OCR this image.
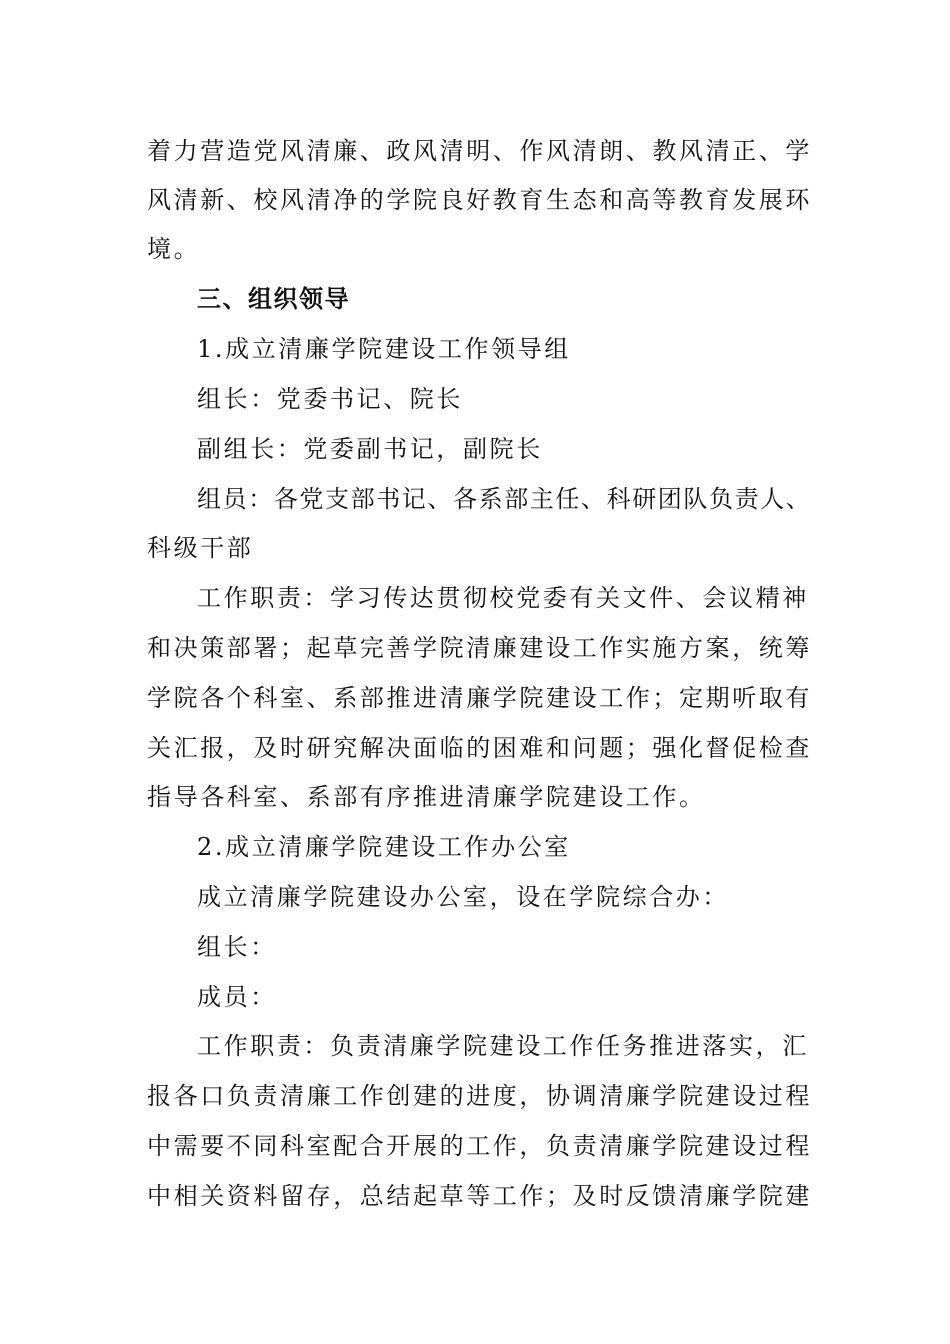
着力营造党风清廉、政风清明、作风清朗、教风清正、学
风清新、校风清净的学院良好教育生态和高等教育发展环
境。
三、组织领导
1.成立清廉学院建设工作领导组
组长：党委书记、院长
副组长：党委副书记，副院长
组员：各党支部书记、各系部主任、科研团队负责人、
科级干部
工作职责：学习传达贯彻校党委有关文件、会议精神
和决策部署；起草完善学院清廉建设工作实施方案，统筹
学院各个科室、系部推进清廉学院建设工作；定期听取有
关汇报，及时研究解决面临的困难和问题；强化督促检查
指导各科室、系部有序推进清廉学院建设工作。
2.成立清廉学院建设工作办公室
成立清廉学院建设办公室，设在学院综合办：
组长：
成员：
工作职责：负责清廉学院建设工作任务推进落实，汇
报各口负责清廉工作创建的进度，协调清廉学院建设过程
中需要不同科室配合开展的工作，负责清廉学院建设过程
中相关资料留存，总结起草等工作；及时反馈清廉学院建
